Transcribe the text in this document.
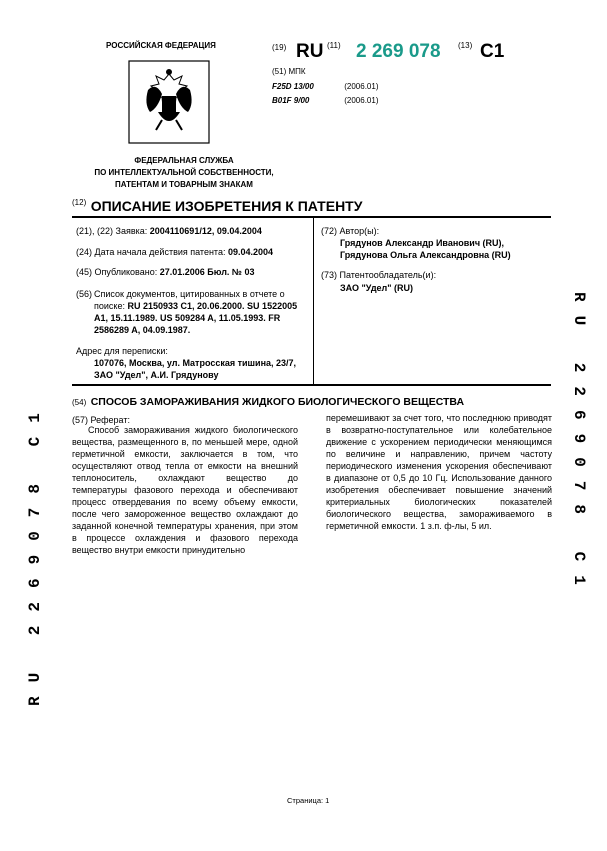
РОССИЙСКАЯ ФЕДЕРАЦИЯ
ФЕДЕРАЛЬНАЯ СЛУЖБА
ПО ИНТЕЛЛЕКТУАЛЬНОЙ СОБСТВЕННОСТИ,
ПАТЕНТАМ И ТОВАРНЫМ ЗНАКАМ
(19) RU (11) 2 269 078 (13) C1
(51) МПК
F25D 13/00	(2006.01)
B01F 9/00	(2006.01)
$^{(12)}$ ОПИСАНИЕ ИЗОБРЕТЕНИЯ К ПАТЕНТУ
(21), (22) Заявка: 2004110691/12, 09.04.2004
(24) Дата начала действия патента: 09.04.2004
(45) Опубликовано: 27.01.2006 Бюл. № 03
(56) Список документов, цитированных в отчете о поиске: RU 2150933 C1, 20.06.2000. SU 1522005 A1, 15.11.1989. US 509284 A, 11.05.1993. FR 2586289 A, 04.09.1987.
Адрес для переписки:
107076, Москва, ул. Матросская тишина, 23/7,
ЗАО "Удел", А.И. Грядунову
(72) Автор(ы):
Грядунов Александр Иванович (RU),
Грядунова Ольга Александровна (RU)
(73) Патентообладатель(и):
ЗАО "Удел" (RU)
(54) СПОСОБ ЗАМОРАЖИВАНИЯ ЖИДКОГО БИОЛОГИЧЕСКОГО ВЕЩЕСТВА
(57) Реферат:
Способ замораживания жидкого биологического вещества, размещенного в, по меньшей мере, одной герметичной емкости, заключается в том, что осуществляют отвод тепла от емкости на внешний теплоноситель, охлаждают вещество до температуры фазового перехода и обеспечивают процесс отвердевания по всему объему емкости, после чего замороженное вещество охлаждают до заданной конечной температуры хранения, при этом в процессе охлаждения и фазового перехода вещество внутри емкости принудительно
перемешивают за счет того, что последнюю приводят в возвратно-поступательное или колебательное движение с ускорением периодически меняющимся по величине и направлению, причем частоту периодического изменения ускорения обеспечивают в диапазоне от 0,5 до 10 Гц. Использование данного изобретения обеспечивает повышение значений критериальных биологических показателей биологического вещества, замораживаемого в герметичной емкости. 1 з.п. ф-лы, 5 ил.	RU 2269078 C1
RU 2269078 C1
Страница: 1
